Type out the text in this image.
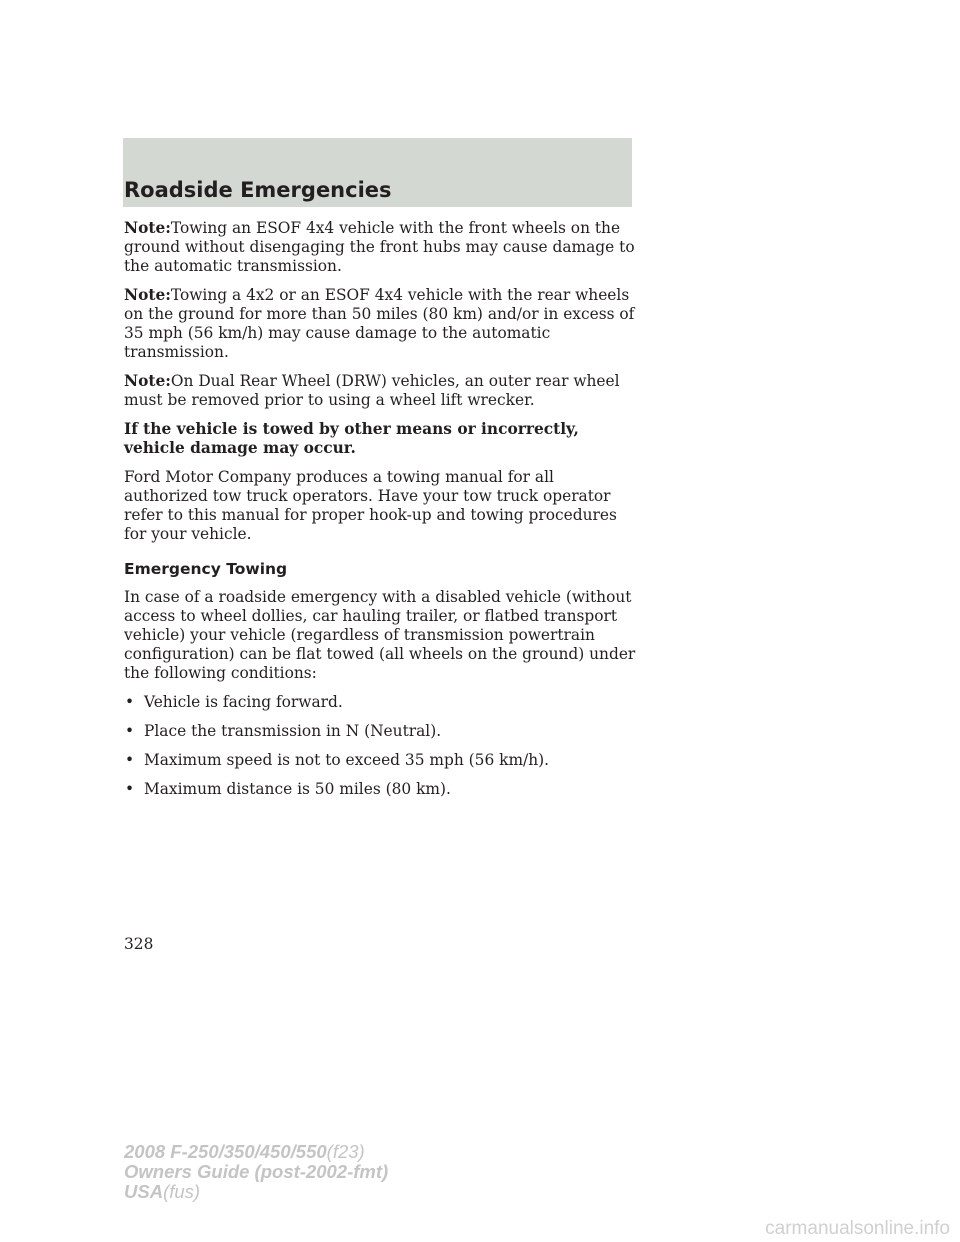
Roadside Emergencies

Note:Towing an ESOF 4x4 vehicle with the front wheels on the ground without disengaging the front hubs may cause damage to the automatic transmission.

Note:Towing a 4x2 or an ESOF 4x4 vehicle with the rear wheels on the ground for more than 50 miles (80 km) and/or in excess of 35 mph (56 km/h) may cause damage to the automatic transmission.

Note:On Dual Rear Wheel (DRW) vehicles, an outer rear wheel must be removed prior to using a wheel lift wrecker.

If the vehicle is towed by other means or incorrectly, vehicle damage may occur.

Ford Motor Company produces a towing manual for all authorized tow truck operators. Have your tow truck operator refer to this manual for proper hook-up and towing procedures for your vehicle.

Emergency Towing

In case of a roadside emergency with a disabled vehicle (without access to wheel dollies, car hauling trailer, or flatbed transport vehicle) your vehicle (regardless of transmission powertrain configuration) can be flat towed (all wheels on the ground) under the following conditions:

• Vehicle is facing forward.
• Place the transmission in N (Neutral).
• Maximum speed is not to exceed 35 mph (56 km/h).
• Maximum distance is 50 miles (80 km).
328
2008 F-250/350/450/550(f23)
Owners Guide (post-2002-fmt)
USA(fus)
carmanualsonline.info
